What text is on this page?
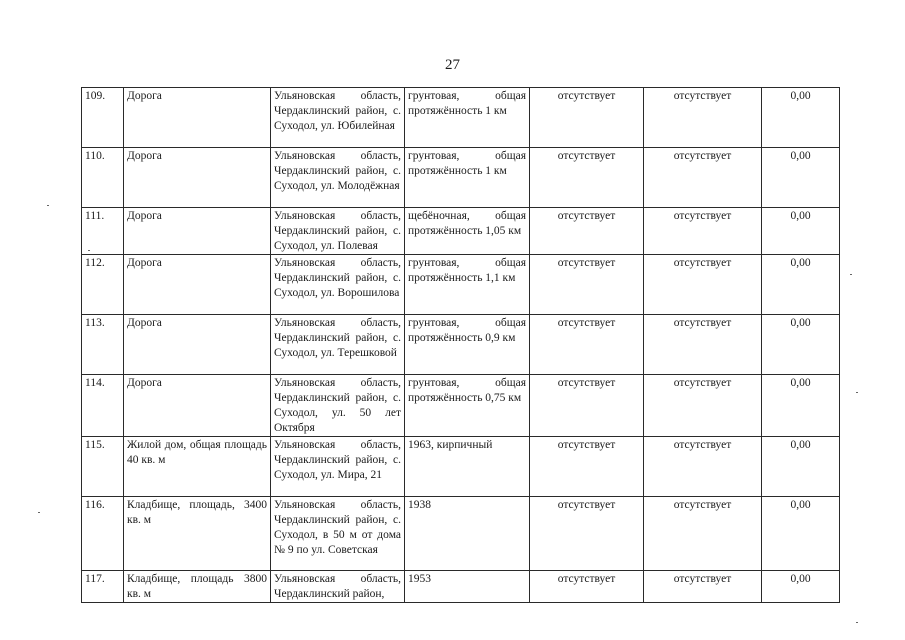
27
109.	Дорога	Ульяновская область, Чердаклинский район, с. Суходол, ул. Юбилейная	грунтовая, общая протяжённость 1 км	отсутствует	отсутствует	0,00
110.	Дорога	Ульяновская область, Чердаклинский район, с. Суходол, ул. Молодёжная	грунтовая, общая протяжённость 1 км	отсутствует	отсутствует	0,00
111.	Дорога	Ульяновская область, Чердаклинский район, с. Суходол, ул. Полевая	щебёночная, общая протяжённость 1,05 км	отсутствует	отсутствует	0,00
112.	Дорога	Ульяновская область, Чердаклинский район, с. Суходол, ул. Ворошилова	грунтовая, общая протяжённость 1,1 км	отсутствует	отсутствует	0,00
113.	Дорога	Ульяновская область, Чердаклинский район, с. Суходол, ул. Терешковой	грунтовая, общая протяжённость 0,9 км	отсутствует	отсутствует	0,00
114.	Дорога	Ульяновская область, Чердаклинский район, с. Суходол, ул. 50 лет Октября	грунтовая, общая протяжённость 0,75 км	отсутствует	отсутствует	0,00
115.	Жилой дом, общая площадь 40 кв. м	Ульяновская область, Чердаклинский район, с. Суходол, ул. Мира, 21	1963, кирпичный	отсутствует	отсутствует	0,00
116.	Кладбище, площадь, 3400 кв. м	Ульяновская область, Чердаклинский район, с. Суходол, в 50 м от дома № 9 по ул. Советская	1938	отсутствует	отсутствует	0,00
117.	Кладбище, площадь 3800 кв. м	Ульяновская область, Чердаклинский район,	1953	отсутствует	отсутствует	0,00
